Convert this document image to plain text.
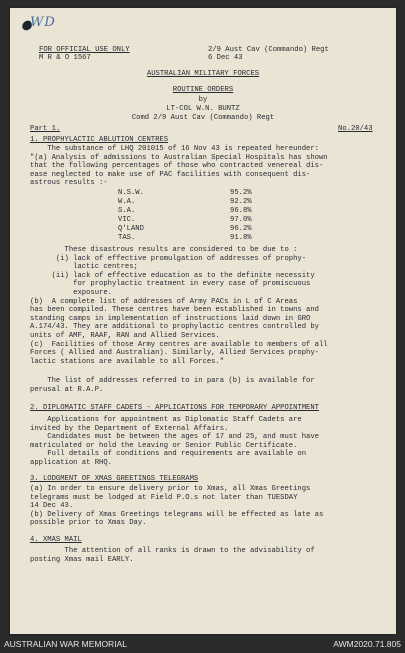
WD
FOR OFFICIAL USE ONLY
M R & O 1567
2/9 Aust Cav (Commando) Regt
6 Dec 43
AUSTRALIAN MILITARY FORCES
ROUTINE ORDERS
by
LT-COL W.N. BUNTZ
Comd 2/9 Aust Cav (Commando) Regt
Part 1.	No.20/43
1. PROPHYLACTIC ABLUTION CENTRES
The substance of LHQ 201015 of 16 Nov 43 is repeated hereunder:
"(a) Analysis of admissions to Australian Special Hospitals has shown
that the following percentages of those who contracted venereal dis-
ease neglected to make use of PAC facilities with consequent dis-
astrous results :-
N.S.W.	95.2%
W.A.	92.2%
S.A.	96.8%
VIC.	97.0%
Q'LAND	96.2%
TAS.	91.8%
These disastrous results are considered to be due to :
(i) lack of effective promulgation of addresses of prophy-
lactic centres;
(ii) lack of effective education as to the definite necessity
for prophylactic treatment in every case of promiscuous
exposure.
(b)  A complete list of addresses of Army PACs in L of C Areas
has been compiled. These centres have been established in towns and
standing camps in implementation of instructions laid down in GRO
A.174/43. They are additional to prophylactic centres controlled by
units of AMF, RAAF, RAN and Allied Services.
(c)  Facilities of those Army centres are available to members of all
Forces ( Allied and Australian). Similarly, Allied Services prophy-
lactic stations are available to all Forces."
The list of addresses referred to in para (b) is available for
perusal at R.A.P.
2. DIPLOMATIC STAFF CADETS - APPLICATIONS FOR TEMPORARY APPOINTMENT
Applications for appointment as Diplomatic Staff Cadets are
invited by the Department of External Affairs.
Candidates must be between the ages of 17 and 25, and must have
matriculated or hold the Leaving or Senior Public Certificate.
Full details of conditions and requirements are available on
application at RHQ.
3. LODGMENT OF XMAS GREETINGS TELEGRAMS
(a) In order to ensure delivery prior to Xmas, all Xmas Greetings
telegrams must be lodged at Field P.O.s not later than TUESDAY
14 Dec 43.
(b) Delivery of Xmas Greetings telegrams will be effected as late as
possible prior to Xmas Day.
4. XMAS MAIL
The attention of all ranks is drawn to the advisability of
posting Xmas mail EARLY.
AUSTRALIAN WAR MEMORIAL	AWM2020.71.805
